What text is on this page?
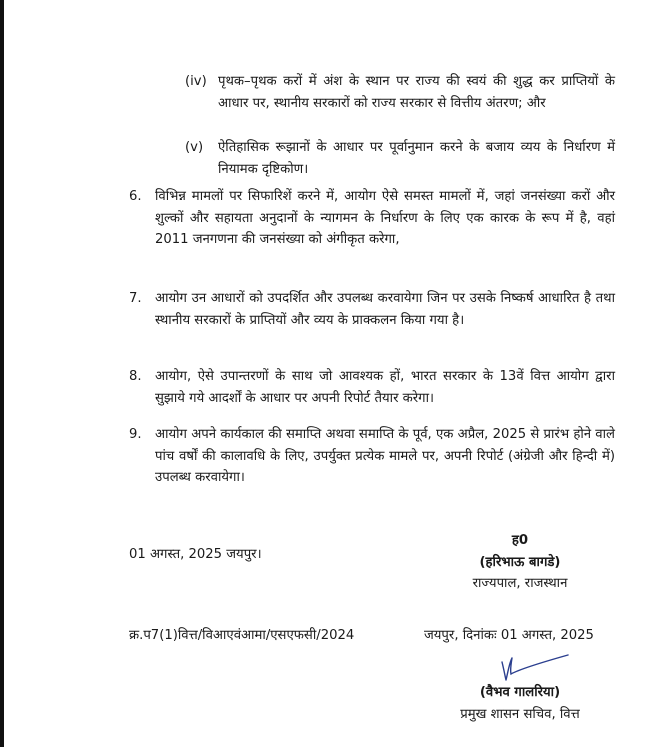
(iv) पृथक–पृथक करों में अंश के स्थान पर राज्य की स्वयं की शुद्ध कर प्राप्तियों के आधार पर, स्थानीय सरकारों को राज्य सरकार से वित्तीय अंतरण; और
(v) ऐतिहासिक रूझानों के आधार पर पूर्वानुमान करने के बजाय व्यय के निर्धारण में नियामक दृष्टिकोण।
6. विभिन्न मामलों पर सिफारिशें करने में, आयोग ऐसे समस्त मामलों में, जहां जनसंख्या करों और शुल्कों और सहायता अनुदानों के न्यागमन के निर्धारण के लिए एक कारक के रूप में है, वहां 2011 जनगणना की जनसंख्या को अंगीकृत करेगा,
7. आयोग उन आधारों को उपदर्शित और उपलब्ध करवायेगा जिन पर उसके निष्कर्ष आधारित है तथा स्थानीय सरकारों के प्राप्तियों और व्यय के प्राक्कलन किया गया है।
8. आयोग, ऐसे उपान्तरणों के साथ जो आवश्यक हों, भारत सरकार के 13वें वित्त आयोग द्वारा सुझाये गये आदर्शों के आधार पर अपनी रिपोर्ट तैयार करेगा।
9. आयोग अपने कार्यकाल की समाप्ति अथवा समाप्ति के पूर्व, एक अप्रैल, 2025 से प्रारंभ होने वाले पांच वर्षों की कालावधि के लिए, उपर्युक्त प्रत्येक मामले पर, अपनी रिपोर्ट (अंग्रेजी और हिन्दी में) उपलब्ध करवायेगा।
01 अगस्त, 2025 जयपुर।
ह0
(हरिभाऊ बागडे)
राज्यपाल, राजस्थान
क्र.प7(1)वित्त/विआएवंआमा/एसएफसी/2024	जयपुर, दिनांकः 01 अगस्त, 2025
(वैभव गालरिया)
प्रमुख शासन सचिव, वित्त
